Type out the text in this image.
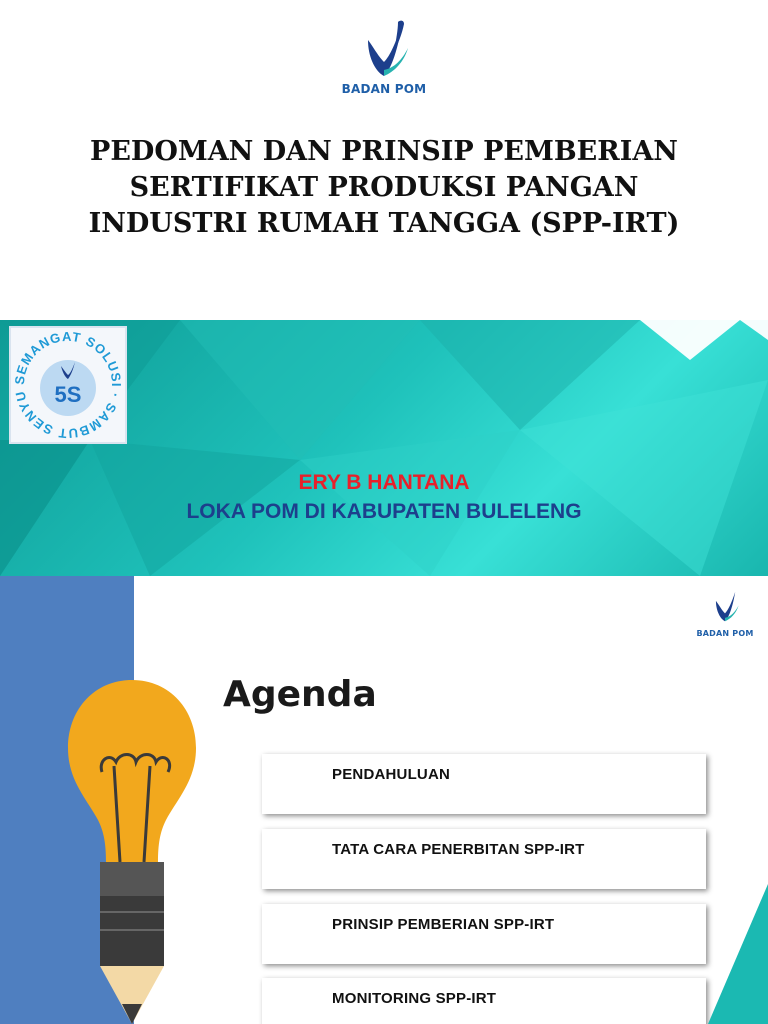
BADAN POM
PEDOMAN DAN PRINSIP PEMBERIAN
SERTIFIKAT PRODUKSI PANGAN
INDUSTRI RUMAH TANGGA (SPP-IRT)
SEMANGAT SOLUSI · SAMBUT SENYU	5S

ERY B HANTANA

LOKA POM DI KABUPATEN BULELENG

BADAN POM
Agenda
01	PENDAHULUAN
02	TATA CARA PENERBITAN SPP-IRT
03	PRINSIP PEMBERIAN SPP-IRT
04	MONITORING SPP-IRT
